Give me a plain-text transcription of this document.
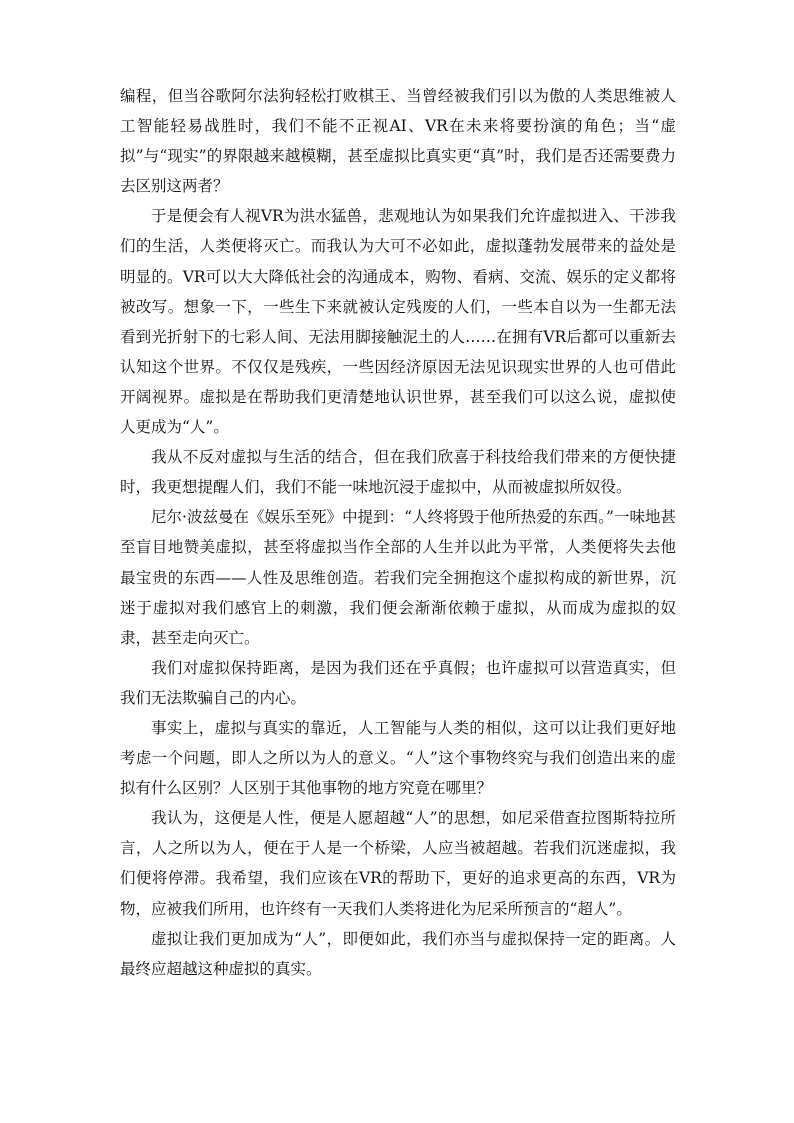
编程，但当谷歌阿尔法狗轻松打败棋王、当曾经被我们引以为傲的人类思维被人工智能轻易战胜时，我们不能不正视AI、VR在未来将要扮演的角色；当“虚拟”与“现实”的界限越来越模糊，甚至虚拟比真实更“真”时，我们是否还需要费力去区别这两者？

于是便会有人视VR为洪水猛兽，悲观地认为如果我们允许虚拟进入、干涉我们的生活，人类便将灭亡。而我认为大可不必如此，虚拟蓬勃发展带来的益处是明显的。VR可以大大降低社会的沟通成本，购物、看病、交流、娱乐的定义都将被改写。想象一下，一些生下来就被认定残废的人们，一些本自以为一生都无法看到光折射下的七彩人间、无法用脚接触泥土的人……在拥有VR后都可以重新去认知这个世界。不仅仅是残疾，一些因经济原因无法见识现实世界的人也可借此开阔视界。虚拟是在帮助我们更清楚地认识世界，甚至我们可以这么说，虚拟使人更成为“人”。

我从不反对虚拟与生活的结合，但在我们欣喜于科技给我们带来的方便快捷时，我更想提醒人们，我们不能一味地沉浸于虚拟中，从而被虚拟所奴役。

尼尔·波兹曼在《娱乐至死》中提到：“人终将毁于他所热爱的东西。”一味地甚至盲目地赞美虚拟，甚至将虚拟当作全部的人生并以此为平常，人类便将失去他最宝贵的东西——人性及思维创造。若我们完全拥抱这个虚拟构成的新世界，沉迷于虚拟对我们感官上的刺激，我们便会渐渐依赖于虚拟，从而成为虚拟的奴隶，甚至走向灭亡。

我们对虚拟保持距离，是因为我们还在乎真假；也许虚拟可以营造真实，但我们无法欺骗自己的内心。

事实上，虚拟与真实的靠近，人工智能与人类的相似，这可以让我们更好地考虑一个问题，即人之所以为人的意义。“人”这个事物终究与我们创造出来的虚拟有什么区别？人区别于其他事物的地方究竟在哪里？

我认为，这便是人性，便是人愿超越“人”的思想，如尼采借查拉图斯特拉所言，人之所以为人，便在于人是一个桥梁，人应当被超越。若我们沉迷虚拟，我们便将停滞。我希望，我们应该在VR的帮助下，更好的追求更高的东西，VR为物，应被我们所用，也许终有一天我们人类将进化为尼采所预言的“超人”。

虚拟让我们更加成为“人”，即便如此，我们亦当与虚拟保持一定的距离。人最终应超越这种虚拟的真实。
